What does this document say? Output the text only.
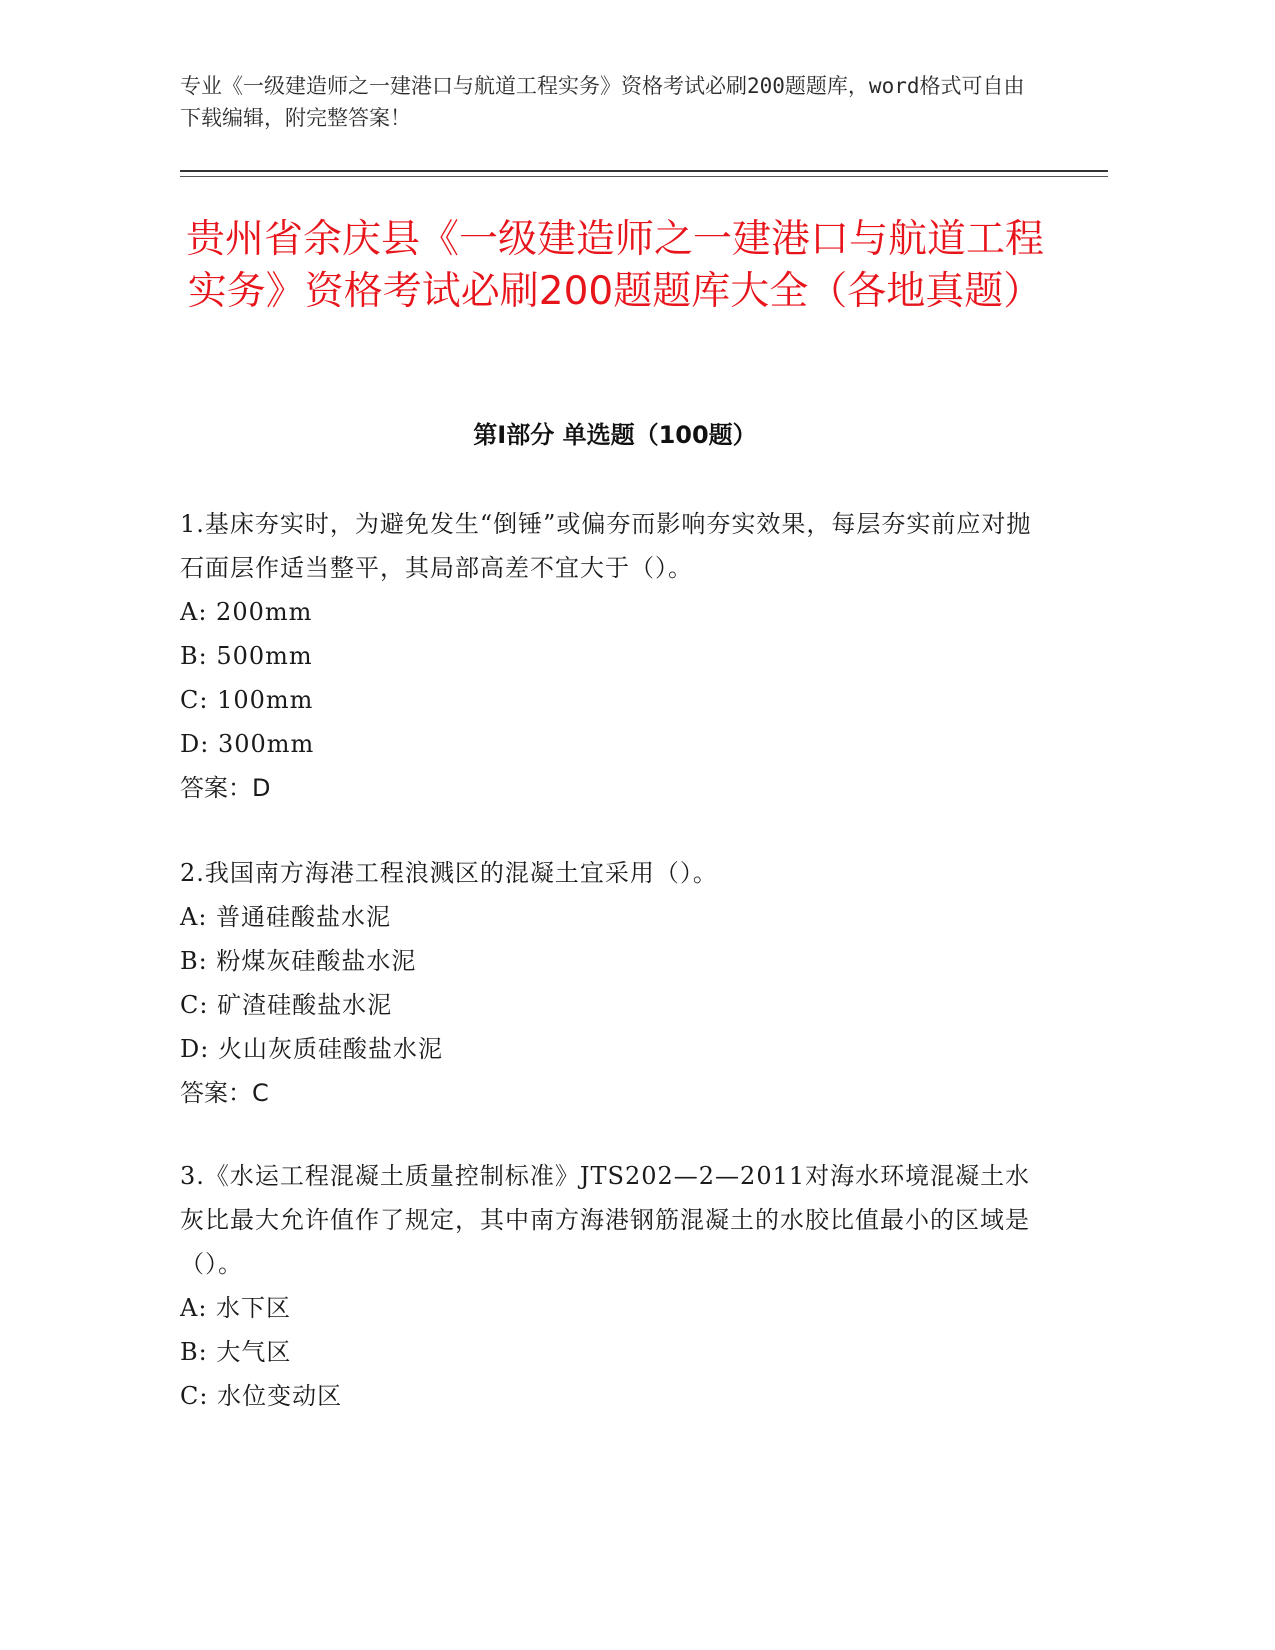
专业《一级建造师之一建港口与航道工程实务》资格考试必刷200题题库，word格式可自由下载编辑，附完整答案！
贵州省余庆县《一级建造师之一建港口与航道工程实务》资格考试必刷200题题库大全（各地真题）
第Ⅰ部分 单选题（100题）

1.基床夯实时，为避免发生“倒锤”或偏夯而影响夯实效果，每层夯实前应对抛石面层作适当整平，其局部高差不宜大于（）。

A: 200mm

B: 500mm

C: 100mm

D: 300mm

答案：D

2.我国南方海港工程浪溅区的混凝土宜采用（）。

A: 普通硅酸盐水泥

B: 粉煤灰硅酸盐水泥

C: 矿渣硅酸盐水泥

D: 火山灰质硅酸盐水泥

答案：C

3.《水运工程混凝土质量控制标准》JTS202—2—2011对海水环境混凝土水灰比最大允许值作了规定，其中南方海港钢筋混凝土的水胶比值最小的区域是（）。

A: 水下区

B: 大气区

C: 水位变动区
